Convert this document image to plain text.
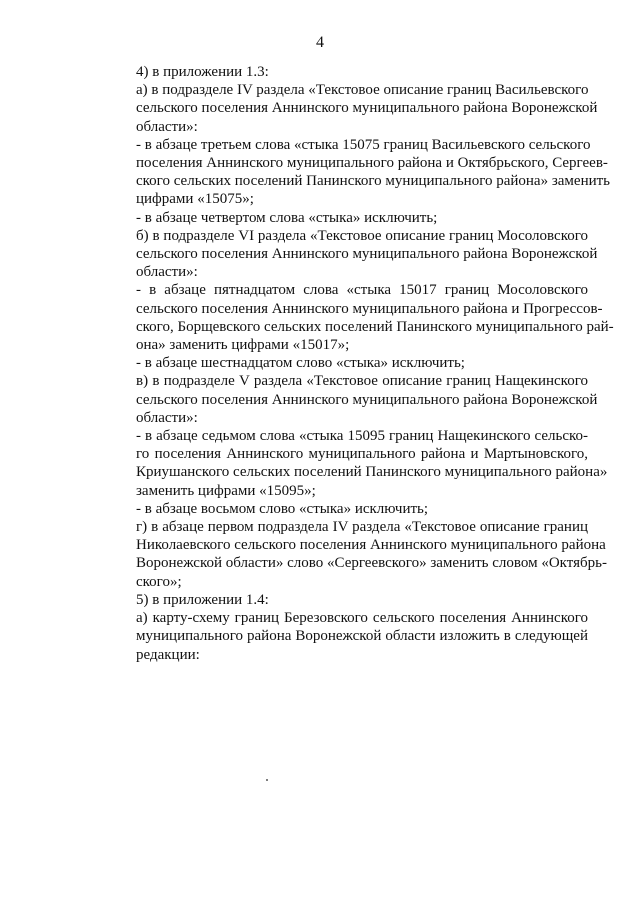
4

4) в приложении 1.3:

а) в подразделе IV раздела «Текстовое описание границ Васильевского
сельского поселения Аннинского муниципального района Воронежской
области»:

- в абзаце третьем слова «стыка 15075 границ Васильевского сельского
поселения Аннинского муниципального района и Октябрьского, Сергеев-
ского сельских поселений Панинского муниципального района» заменить
цифрами «15075»;

- в абзаце четвертом слова «стыка» исключить;

б) в подразделе VI раздела «Текстовое описание границ Мосоловского
сельского поселения Аннинского муниципального района Воронежской
области»:

- в абзаце пятнадцатом слова «стыка 15017 границ Мосоловского
сельского поселения Аннинского муниципального района и Прогрессов-
ского, Борщевского сельских поселений Панинского муниципального рай-
она» заменить цифрами «15017»;

- в абзаце шестнадцатом слово «стыка» исключить;

в) в подразделе V раздела «Текстовое описание границ Нащекинского
сельского поселения Аннинского муниципального района Воронежской
области»:

- в абзаце седьмом слова «стыка 15095 границ Нащекинского сельско-
го поселения Аннинского муниципального района и Мартыновского,
Криушанского сельских поселений Панинского муниципального района»
заменить цифрами «15095»;

- в абзаце восьмом слово «стыка» исключить;

г) в абзаце первом подраздела IV раздела «Текстовое описание границ
Николаевского сельского поселения Аннинского муниципального района
Воронежской области» слово «Сергеевского» заменить словом «Октябрь-
ского»;

5) в приложении 1.4:

а) карту-схему границ Березовского сельского поселения Аннинского
муниципального района Воронежской области изложить в следующей
редакции:
